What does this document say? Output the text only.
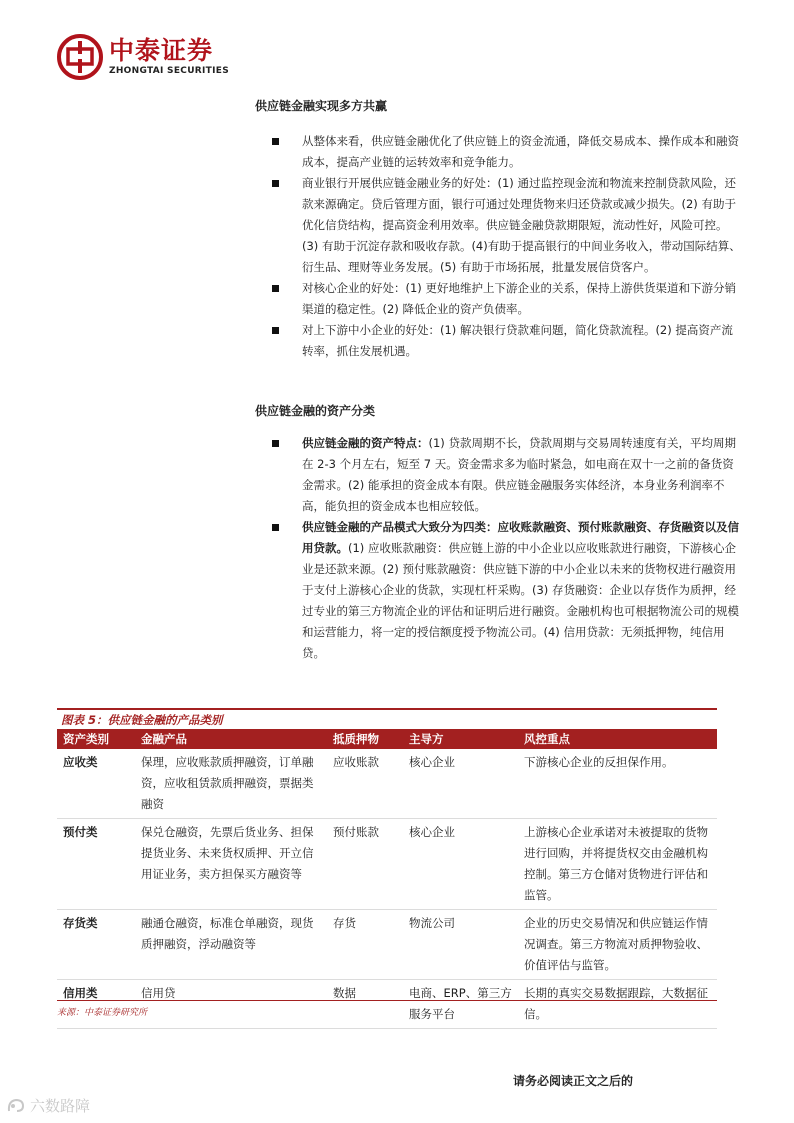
中泰证券
ZHONGTAI SECURITIES
供应链金融实现多方共赢
从整体来看，供应链金融优化了供应链上的资金流通，降低交易成本、操作成本和融资成本，提高产业链的运转效率和竞争能力。
商业银行开展供应链金融业务的好处：(1) 通过监控现金流和物流来控制贷款风险，还款来源确定。贷后管理方面，银行可通过处理货物来归还贷款或减少损失。(2) 有助于优化信贷结构，提高资金利用效率。供应链金融贷款期限短，流动性好，风险可控。(3) 有助于沉淀存款和吸收存款。(4)有助于提高银行的中间业务收入，带动国际结算、衍生品、理财等业务发展。(5) 有助于市场拓展，批量发展信贷客户。
对核心企业的好处：(1) 更好地维护上下游企业的关系，保持上游供货渠道和下游分销渠道的稳定性。(2) 降低企业的资产负债率。
对上下游中小企业的好处：(1) 解决银行贷款难问题，简化贷款流程。(2) 提高资产流转率，抓住发展机遇。
供应链金融的资产分类
供应链金融的资产特点：(1) 贷款周期不长，贷款周期与交易周转速度有关，平均周期在 2-3 个月左右，短至 7 天。资金需求多为临时紧急，如电商在双十一之前的备货资金需求。(2) 能承担的资金成本有限。供应链金融服务实体经济，本身业务利润率不高，能负担的资金成本也相应较低。
供应链金融的产品模式大致分为四类：应收账款融资、预付账款融资、存货融资以及信用贷款。(1) 应收账款融资：供应链上游的中小企业以应收账款进行融资，下游核心企业是还款来源。(2) 预付账款融资：供应链下游的中小企业以未来的货物权进行融资用于支付上游核心企业的货款，实现杠杆采购。(3) 存货融资：企业以存货作为质押，经过专业的第三方物流企业的评估和证明后进行融资。金融机构也可根据物流公司的规模和运营能力，将一定的授信额度授予物流公司。(4) 信用贷款：无须抵押物，纯信用贷。
图表 5：供应链金融的产品类别
资产类别	金融产品	抵质押物	主导方	风控重点
应收类	保理，应收账款质押融资，订单融资，应收租赁款质押融资，票据类融资	应收账款	核心企业	下游核心企业的反担保作用。
预付类	保兑仓融资，先票后货业务、担保提货业务、未来货权质押、开立信用证业务，卖方担保买方融资等	预付账款	核心企业	上游核心企业承诺对未被提取的货物进行回购，并将提货权交由金融机构控制。第三方仓储对货物进行评估和监管。
存货类	融通仓融资，标准仓单融资，现货质押融资，浮动融资等	存货	物流公司	企业的历史交易情况和供应链运作情况调查。第三方物流对质押物验收、价值评估与监管。
信用类	信用贷	数据	电商、ERP、第三方服务平台	长期的真实交易数据跟踪，大数据征信。
来源：中泰证券研究所
请务必阅读正文之后的
六数路障
